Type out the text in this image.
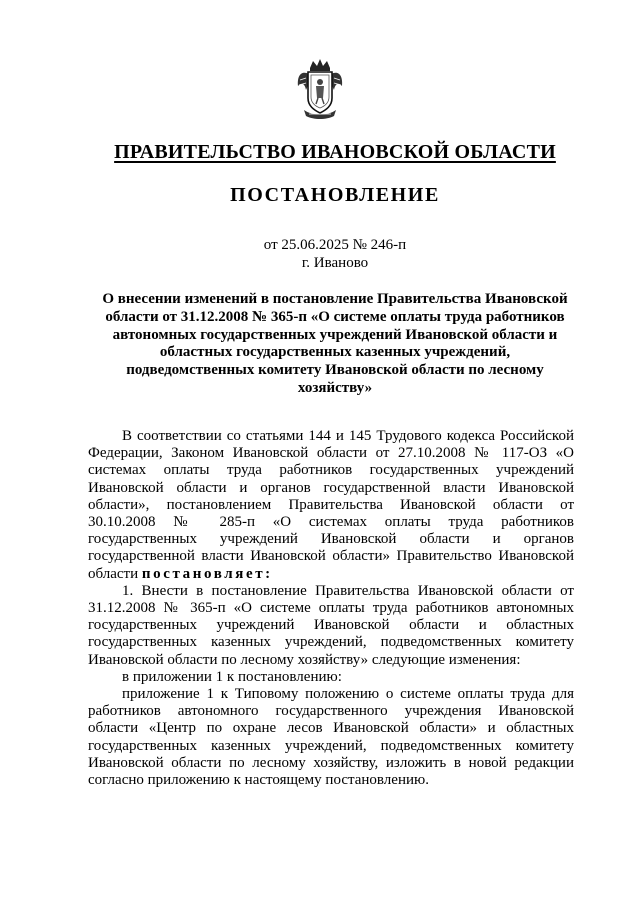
ПРАВИТЕЛЬСТВО ИВАНОВСКОЙ ОБЛАСТИ
ПОСТАНОВЛЕНИЕ
от 25.06.2025 № 246-п
г. Иваново

О внесении изменений в постановление Правительства Ивановской области от 31.12.2008 № 365-п «О системе оплаты труда работников автономных государственных учреждений Ивановской области и областных государственных казенных учреждений, подведомственных комитету Ивановской области по лесному хозяйству»

В соответствии со статьями 144 и 145 Трудового кодекса Российской Федерации, Законом Ивановской области от 27.10.2008 № 117-ОЗ «О системах оплаты труда работников государственных учреждений Ивановской области и органов государственной власти Ивановской области», постановлением Правительства Ивановской области от 30.10.2008 № 285-п «О системах оплаты труда работников государственных учреждений Ивановской области и органов государственной власти Ивановской области» Правительство Ивановской области постановляет:

1. Внести в постановление Правительства Ивановской области от 31.12.2008 № 365-п «О системе оплаты труда работников автономных государственных учреждений Ивановской области и областных государственных казенных учреждений, подведомственных комитету Ивановской области по лесному хозяйству» следующие изменения:

в приложении 1 к постановлению:

приложение 1 к Типовому положению о системе оплаты труда для работников автономного государственного учреждения Ивановской области «Центр по охране лесов Ивановской области» и областных государственных казенных учреждений, подведомственных комитету Ивановской области по лесному хозяйству, изложить в новой редакции согласно приложению к настоящему постановлению.
